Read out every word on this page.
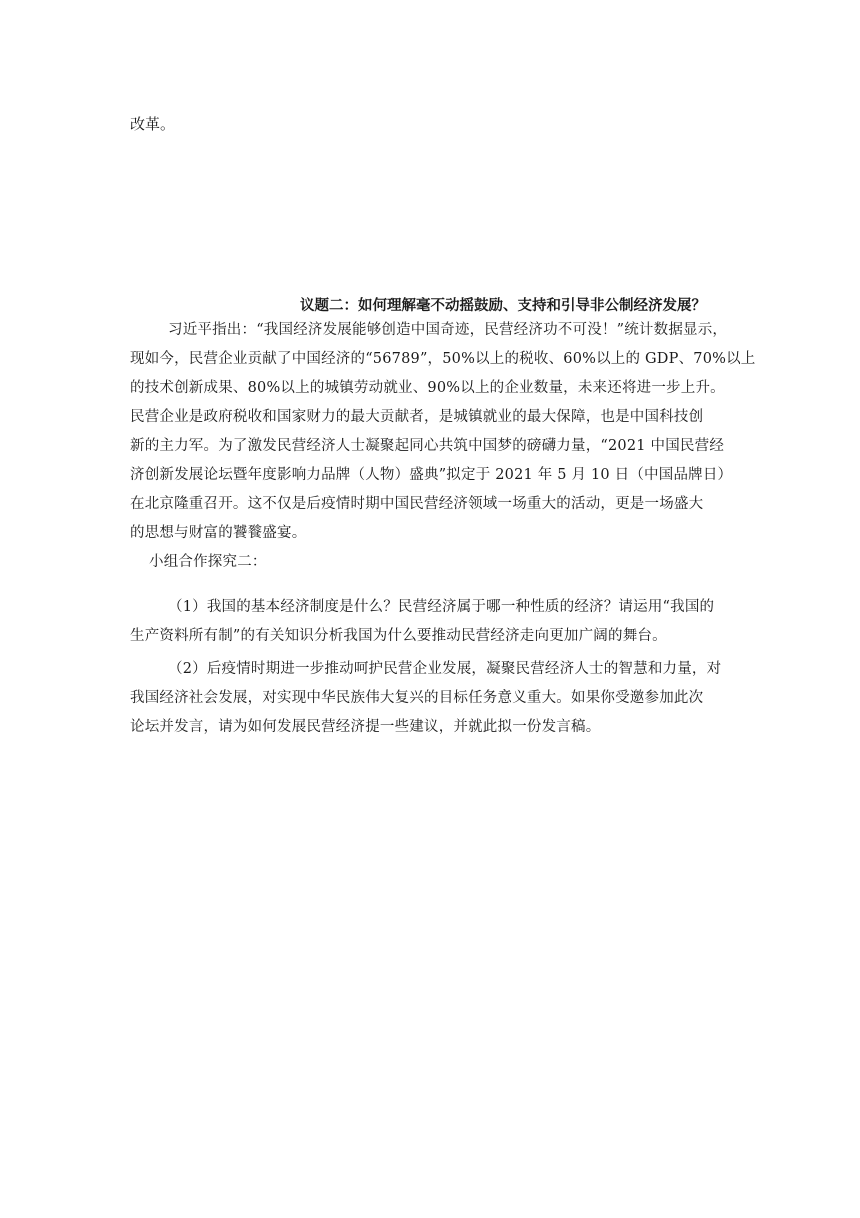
改革。
议题二：如何理解毫不动摇鼓励、支持和引导非公制经济发展？
习近平指出：“我国经济发展能够创造中国奇迹，民营经济功不可没！”统计数据显示，
现如今，民营企业贡献了中国经济的“56789”，50%以上的税收、60%以上的 GDP、70%以上
的技术创新成果、80%以上的城镇劳动就业、90%以上的企业数量，未来还将进一步上升。
民营企业是政府税收和国家财力的最大贡献者，是城镇就业的最大保障，也是中国科技创
新的主力军。为了激发民营经济人士凝聚起同心共筑中国梦的磅礴力量，“2021 中国民营经
济创新发展论坛暨年度影响力品牌（人物）盛典”拟定于 2021 年 5 月 10 日（中国品牌日）
在北京隆重召开。这不仅是后疫情时期中国民营经济领域一场重大的活动，更是一场盛大
的思想与财富的饕餮盛宴。
小组合作探究二：
（1）我国的基本经济制度是什么？民营经济属于哪一种性质的经济？请运用“我国的
生产资料所有制”的有关知识分析我国为什么要推动民营经济走向更加广阔的舞台。
（2）后疫情时期进一步推动呵护民营企业发展，凝聚民营经济人士的智慧和力量，对
我国经济社会发展，对实现中华民族伟大复兴的目标任务意义重大。如果你受邀参加此次
论坛并发言，请为如何发展民营经济提一些建议，并就此拟一份发言稿。
